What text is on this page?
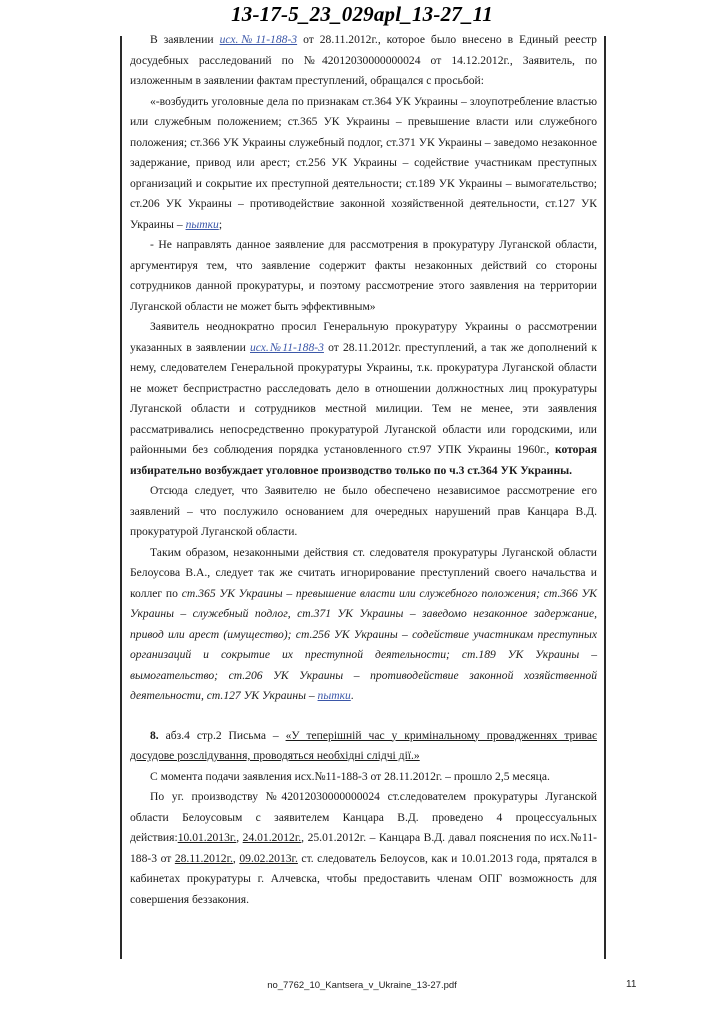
13-17-5_23_029apl_13-27_11

В заявлении исх.№11-188-3 от 28.11.2012г., которое было внесено в Единый реестр досудебных расследований по №42012030000000024 от 14.12.2012г., Заявитель, по изложенным в заявлении фактам преступлений, обращался с просьбой:

«-возбудить уголовные дела по признакам ст.364 УК Украины – злоупотребление властью или служебным положением; ст.365 УК Украины – превышение власти или служебного положения; ст.366 УК Украины служебный подлог, ст.371 УК Украины – заведомо незаконное задержание, привод или арест; ст.256 УК Украины – содействие участникам преступных организаций и сокрытие их преступной деятельности; ст.189 УК Украины – вымогательство; ст.206 УК Украины – противодействие законной хозяйственной деятельности, ст.127 УК Украины – пытки;

- Не направлять данное заявление для рассмотрения в прокуратуру Луганской области, аргументируя тем, что заявление содержит факты незаконных действий со стороны сотрудников данной прокуратуры, и поэтому рассмотрение этого заявления на территории Луганской области не может быть эффективным»

Заявитель неоднократно просил Генеральную прокуратуру Украины о рассмотрении указанных в заявлении исх.№11-188-3 от 28.11.2012г. преступлений, а так же дополнений к нему, следователем Генеральной прокуратуры Украины, т.к. прокуратура Луганской области не может беспристрастно расследовать дело в отношении должностных лиц прокуратуры Луганской области и сотрудников местной милиции. Тем не менее, эти заявления рассматривались непосредственно прокуратурой Луганской области или городскими, или районными без соблюдения порядка установленного ст.97 УПК Украины 1960г., которая избирательно возбуждает уголовное производство только по ч.3 ст.364 УК Украины.

Отсюда следует, что Заявителю не было обеспечено независимое рассмотрение его заявлений – что послужило основанием для очередных нарушений прав Канцара В.Д. прокуратурой Луганской области.

Таким образом, незаконными действия ст. следователя прокуратуры Луганской области Белоусова В.А., следует так же считать игнорирование преступлений своего начальства и коллег по ст.365 УК Украины – превышение власти или служебного положения; ст.366 УК Украины – служебный подлог, ст.371 УК Украины – заведомо незаконное задержание, привод или арест (имущество); ст.256 УК Украины – содействие участникам преступных организаций и сокрытие их преступной деятельности; ст.189 УК Украины – вымогательство; ст.206 УК Украины – противодействие законной хозяйственной деятельности, ст.127 УК Украины – пытки.

8. абз.4 стр.2 Письма – «У теперішній час у кримінальному провадженнях триває досудове розслідування, проводяться необхідні слідчі дії.»

С момента подачи заявления исх.№11-188-3 от 28.11.2012г. – прошло 2,5 месяца.

По уг. производству №42012030000000024 ст.следователем прокуратуры Луганской области Белоусовым с заявителем Канцара В.Д. проведено 4 процессуальных действия:10.01.2013г., 24.01.2012г., 25.01.2012г. – Канцара В.Д. давал пояснения по исх.№11-188-3 от 28.11.2012г., 09.02.2013г. ст. следователь Белоусов, как и 10.01.2013 года, прятался в кабинетах прокуратуры г. Алчевска, чтобы предоставить членам ОПГ возможность для совершения беззакония.

no_7762_10_Kantsera_v_Ukraine_13-27.pdf	11
